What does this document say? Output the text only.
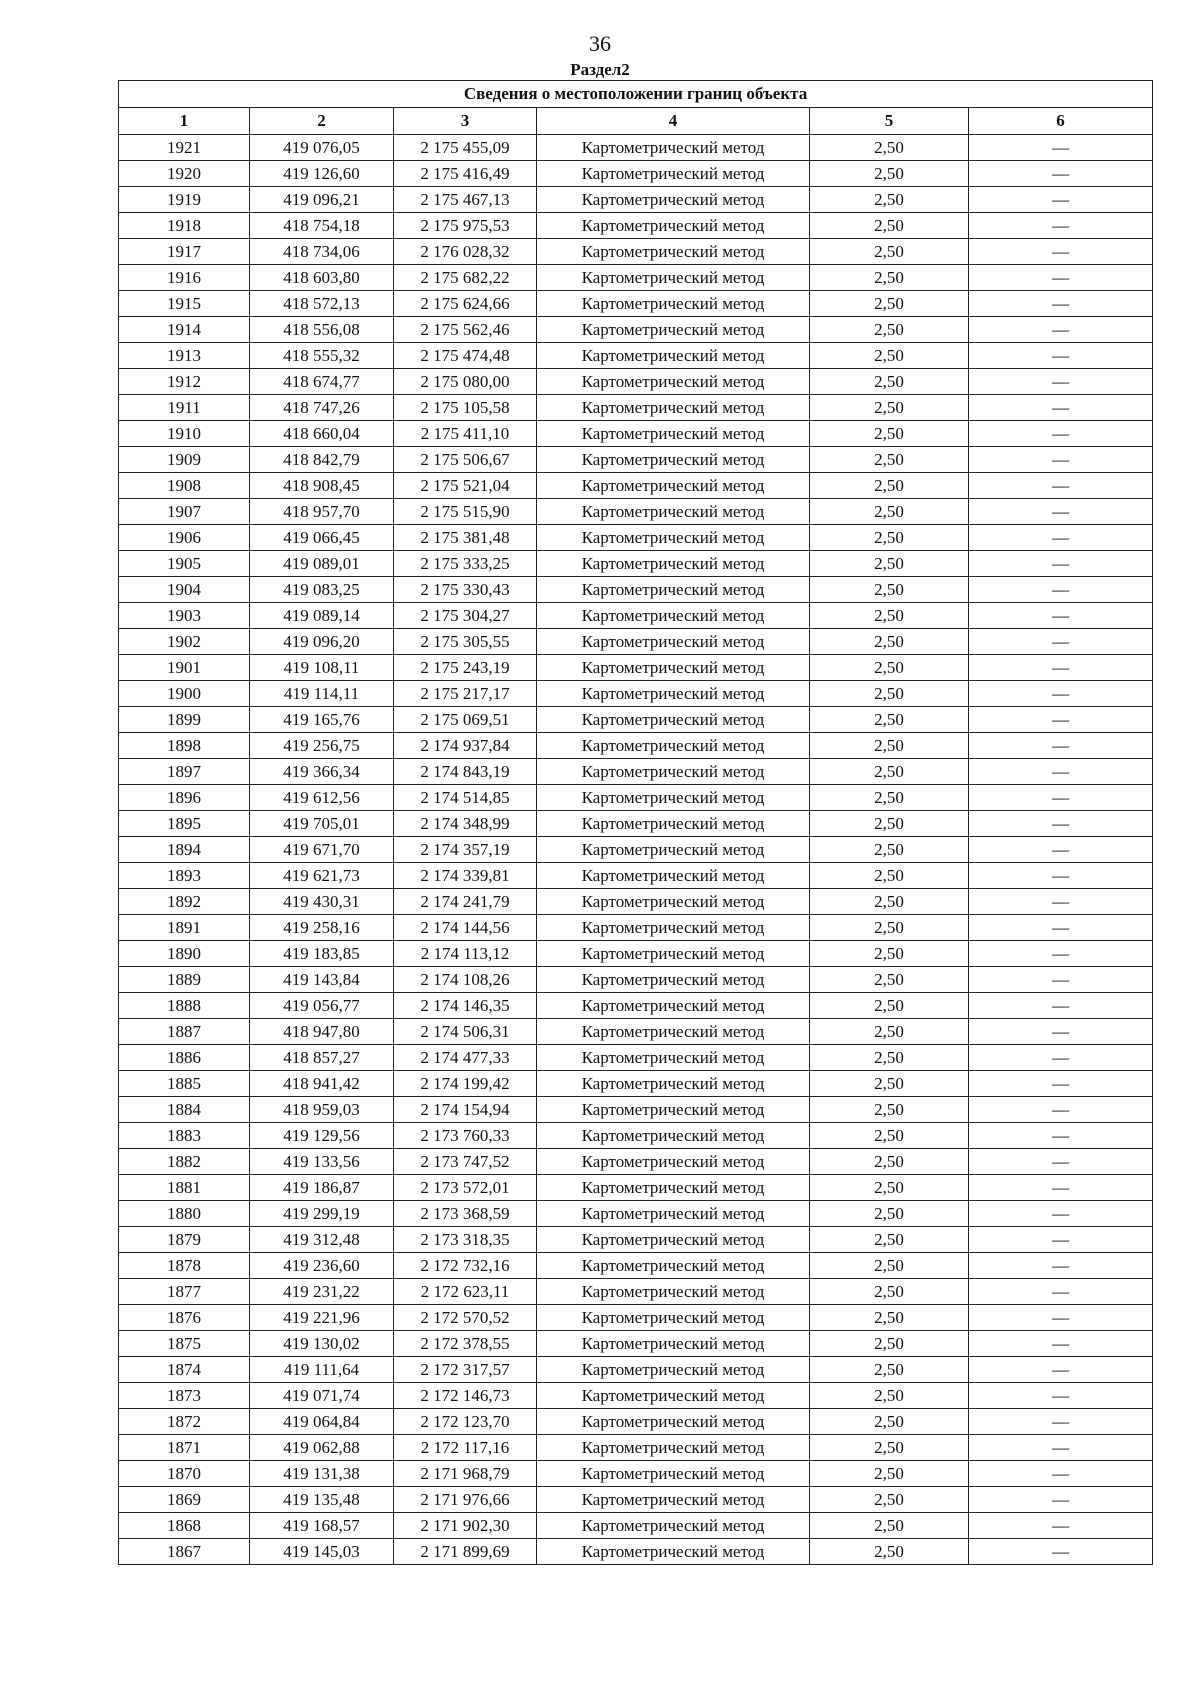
36
Раздел2
Сведения о местоположении границ объекта					
1	2	3	4	5	6
1921	419 076,05	2 175 455,09	Картометрический метод	2,50	—
1920	419 126,60	2 175 416,49	Картометрический метод	2,50	—
1919	419 096,21	2 175 467,13	Картометрический метод	2,50	—
1918	418 754,18	2 175 975,53	Картометрический метод	2,50	—
1917	418 734,06	2 176 028,32	Картометрический метод	2,50	—
1916	418 603,80	2 175 682,22	Картометрический метод	2,50	—
1915	418 572,13	2 175 624,66	Картометрический метод	2,50	—
1914	418 556,08	2 175 562,46	Картометрический метод	2,50	—
1913	418 555,32	2 175 474,48	Картометрический метод	2,50	—
1912	418 674,77	2 175 080,00	Картометрический метод	2,50	—
1911	418 747,26	2 175 105,58	Картометрический метод	2,50	—
1910	418 660,04	2 175 411,10	Картометрический метод	2,50	—
1909	418 842,79	2 175 506,67	Картометрический метод	2,50	—
1908	418 908,45	2 175 521,04	Картометрический метод	2,50	—
1907	418 957,70	2 175 515,90	Картометрический метод	2,50	—
1906	419 066,45	2 175 381,48	Картометрический метод	2,50	—
1905	419 089,01	2 175 333,25	Картометрический метод	2,50	—
1904	419 083,25	2 175 330,43	Картометрический метод	2,50	—
1903	419 089,14	2 175 304,27	Картометрический метод	2,50	—
1902	419 096,20	2 175 305,55	Картометрический метод	2,50	—
1901	419 108,11	2 175 243,19	Картометрический метод	2,50	—
1900	419 114,11	2 175 217,17	Картометрический метод	2,50	—
1899	419 165,76	2 175 069,51	Картометрический метод	2,50	—
1898	419 256,75	2 174 937,84	Картометрический метод	2,50	—
1897	419 366,34	2 174 843,19	Картометрический метод	2,50	—
1896	419 612,56	2 174 514,85	Картометрический метод	2,50	—
1895	419 705,01	2 174 348,99	Картометрический метод	2,50	—
1894	419 671,70	2 174 357,19	Картометрический метод	2,50	—
1893	419 621,73	2 174 339,81	Картометрический метод	2,50	—
1892	419 430,31	2 174 241,79	Картометрический метод	2,50	—
1891	419 258,16	2 174 144,56	Картометрический метод	2,50	—
1890	419 183,85	2 174 113,12	Картометрический метод	2,50	—
1889	419 143,84	2 174 108,26	Картометрический метод	2,50	—
1888	419 056,77	2 174 146,35	Картометрический метод	2,50	—
1887	418 947,80	2 174 506,31	Картометрический метод	2,50	—
1886	418 857,27	2 174 477,33	Картометрический метод	2,50	—
1885	418 941,42	2 174 199,42	Картометрический метод	2,50	—
1884	418 959,03	2 174 154,94	Картометрический метод	2,50	—
1883	419 129,56	2 173 760,33	Картометрический метод	2,50	—
1882	419 133,56	2 173 747,52	Картометрический метод	2,50	—
1881	419 186,87	2 173 572,01	Картометрический метод	2,50	—
1880	419 299,19	2 173 368,59	Картометрический метод	2,50	—
1879	419 312,48	2 173 318,35	Картометрический метод	2,50	—
1878	419 236,60	2 172 732,16	Картометрический метод	2,50	—
1877	419 231,22	2 172 623,11	Картометрический метод	2,50	—
1876	419 221,96	2 172 570,52	Картометрический метод	2,50	—
1875	419 130,02	2 172 378,55	Картометрический метод	2,50	—
1874	419 111,64	2 172 317,57	Картометрический метод	2,50	—
1873	419 071,74	2 172 146,73	Картометрический метод	2,50	—
1872	419 064,84	2 172 123,70	Картометрический метод	2,50	—
1871	419 062,88	2 172 117,16	Картометрический метод	2,50	—
1870	419 131,38	2 171 968,79	Картометрический метод	2,50	—
1869	419 135,48	2 171 976,66	Картометрический метод	2,50	—
1868	419 168,57	2 171 902,30	Картометрический метод	2,50	—
1867	419 145,03	2 171 899,69	Картометрический метод	2,50	—
